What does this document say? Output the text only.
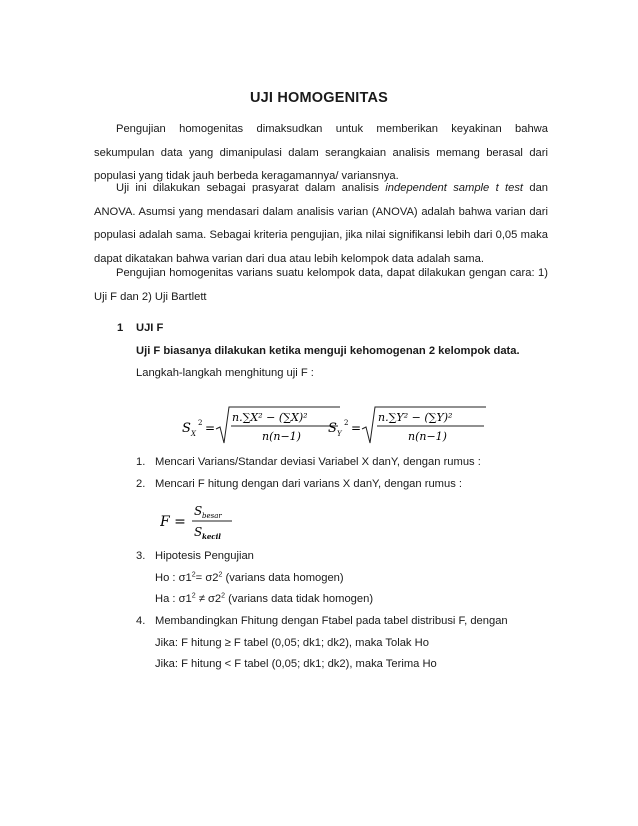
UJI HOMOGENITAS
Pengujian homogenitas dimaksudkan untuk memberikan keyakinan bahwa sekumpulan data yang dimanipulasi dalam serangkaian analisis memang berasal dari populasi yang tidak jauh berbeda keragamannya/ variansnya.
Uji ini dilakukan sebagai prasyarat dalam analisis independent sample t test dan ANOVA. Asumsi yang mendasari dalam analisis varian (ANOVA) adalah bahwa varian dari populasi adalah sama. Sebagai kriteria pengujian, jika nilai signifikansi lebih dari 0,05 maka dapat dikatakan bahwa varian dari dua atau lebih kelompok data adalah sama.
Pengujian homogenitas varians suatu kelompok data, dapat dilakukan gengan cara: 1) Uji F dan 2) Uji Bartlett
1 UJI F
Uji F biasanya dilakukan ketika menguji kehomogenan 2 kelompok data.
Langkah-langkah menghitung uji F :
S X
2 =
n.∑X² − (∑X)²
n(n−1)
S Y
2 =
n.∑Y² − (∑Y)²
n(n−1)
1. Mencari Varians/Standar deviasi Variabel X danY, dengan rumus :
2. Mencari F hitung dengan dari varians X danY, dengan rumus :
F =
S besar
S kecil
3. Hipotesis Pengujian
Ho : $\sigma 1^2= \sigma 2^2$ (varians data homogen)
Ha : $\sigma 1^2 \ne \sigma 2^2$ (varians data tidak homogen)
4. Membandingkan Fhitung dengan Ftabel pada tabel distribusi F, dengan
Jika: F hitung ≥ F tabel (0,05; dk1; dk2), maka Tolak Ho
Jika: F hitung < F tabel (0,05; dk1; dk2), maka Terima Ho
